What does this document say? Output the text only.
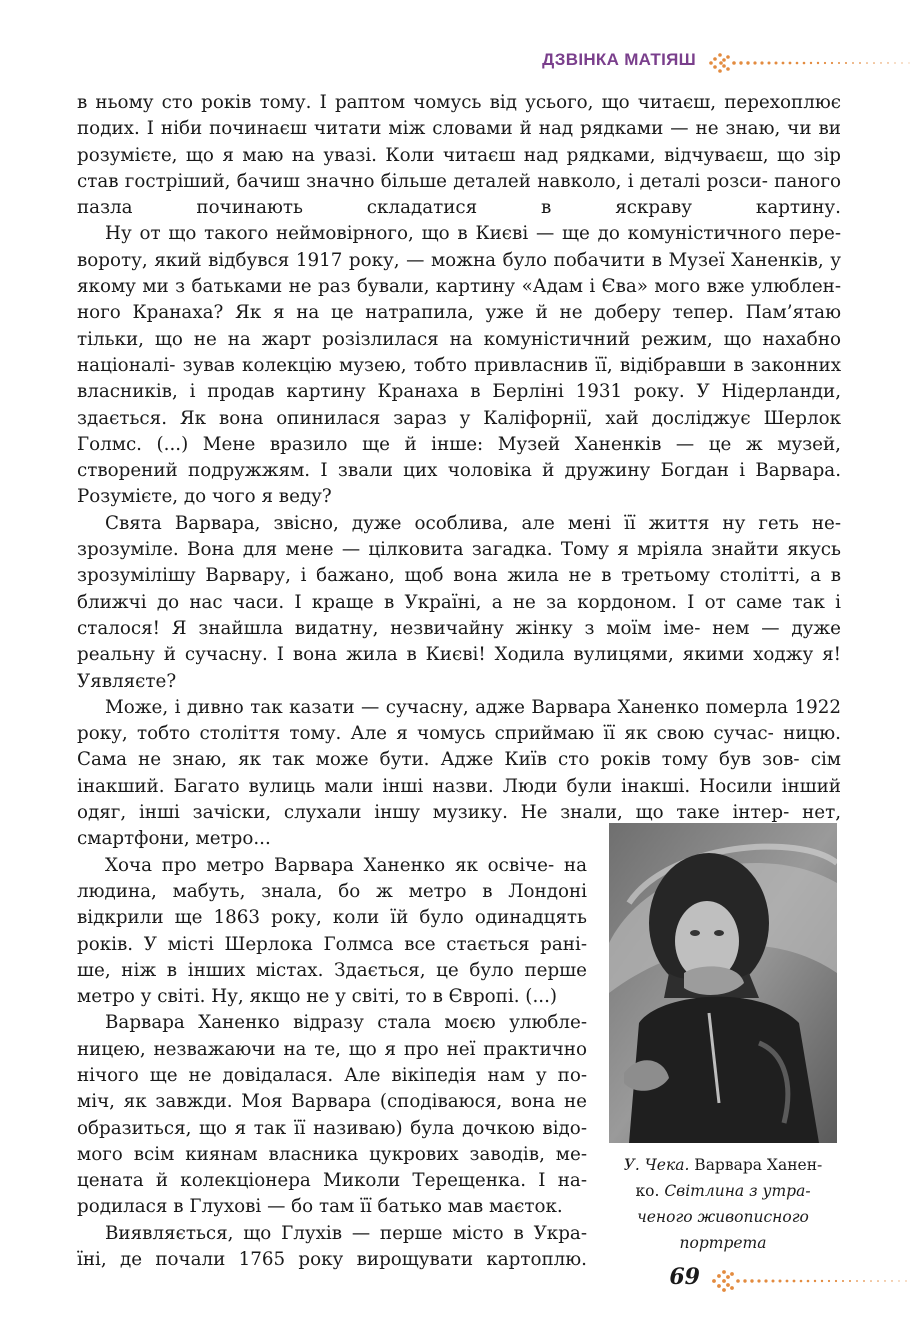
ДЗВІНКА МАТІЯШ

в ньому сто років тому. І раптом чомусь від усього, що читаєш, перехоплює подих. І ніби починаєш читати між словами й над рядками — не знаю, чи ви розумієте, що я маю на увазі. Коли читаєш над рядками, відчуваєш, що зір став гостріший, бачиш значно більше деталей навколо, і деталі розси- паного пазла починають складатися в яскраву картину.

Ну от що такого неймовірного, що в Києві — ще до комуністичного пере- вороту, який відбувся 1917 року, — можна було побачити в Музеї Ханенків, у якому ми з батьками не раз бували, картину «Адам і Єва» мого вже улюблен- ного Кранаха? Як я на це натрапила, уже й не доберу тепер. Пам’ятаю тільки, що не на жарт розізлилася на комуністичний режим, що нахабно націоналі- зував колекцію музею, тобто привласнив її, відібравши в законних власників, і продав картину Кранаха в Берліні 1931 року. У Нідерланди, здається. Як вона опинилася зараз у Каліфорнії, хай досліджує Шерлок Голмс. (...) Мене вразило ще й інше: Музей Ханенків — це ж музей, створений подружжям. І звали цих чоловіка й дружину Богдан і Варвара. Розумієте, до чого я веду?

Свята Варвара, звісно, дуже особлива, але мені її життя ну геть не- зрозуміле. Вона для мене — цілковита загадка. Тому я мріяла знайти якусь зрозумілішу Варвару, і бажано, щоб вона жила не в третьому столітті, а в ближчі до нас часи. І краще в Україні, а не за кордоном. І от саме так і сталося! Я знайшла видатну, незвичайну жінку з моїм іме- нем — дуже реальну й сучасну. І вона жила в Києві! Ходила вулицями, якими ходжу я! Уявляєте?

Може, і дивно так казати — сучасну, адже Варвара Ханенко померла 1922 року, тобто століття тому. Але я чомусь сприймаю її як свою сучас- ницю. Сама не знаю, як так може бути. Адже Київ сто років тому був зов- сім інакший. Багато вулиць мали інші назви. Люди були інакші. Носили інший одяг, інші зачіски, слухали іншу музику. Не знали, що таке інтер- нет, смартфони, метро...

Хоча про метро Варвара Ханенко як освіче- на людина, мабуть, знала, бо ж метро в Лондоні відкрили ще 1863 року, коли їй було одинадцять років. У місті Шерлока Голмса все стається рані- ше, ніж в інших містах. Здається, це було перше метро у світі. Ну, якщо не у світі, то в Європі. (...)

Варвара Ханенко відразу стала моєю улюбле- ницею, незважаючи на те, що я про неї практично нічого ще не довідалася. Але вікіпедія нам у по- міч, як завжди. Моя Варвара (сподіваюся, вона не образиться, що я так її називаю) була дочкою відо- мого всім киянам власника цукрових заводів, ме- цената й колекціонера Миколи Терещенка. І на- родилася в Глухові — бо там її батько мав маєток.

Виявляється, що Глухів — перше місто в Укра- їні, де почали 1765 року вирощувати картоплю.

У. Чека. Варвара Ханен-
ко. Світлина з утра-
ченого живописного
портрета
69
